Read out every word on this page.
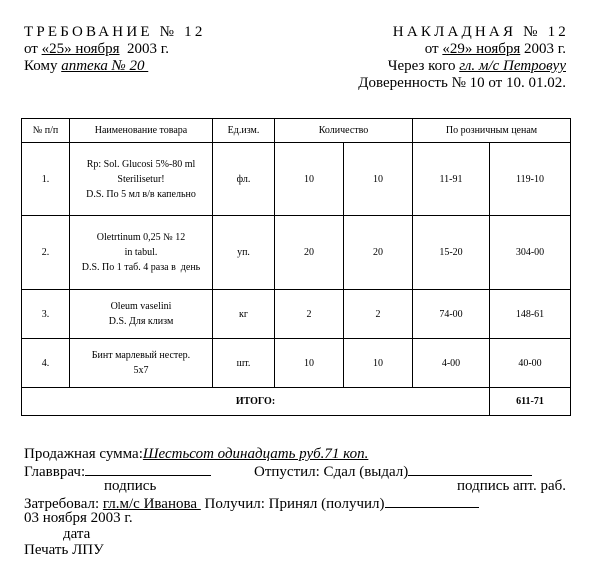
ТРЕБОВАНИЕ № 12
от «25» ноября  2003 г.
Кому аптека № 20
НАКЛАДНАЯ № 12
от «29» ноября 2003 г.
Через кого гл. м/с Петровуу
Доверенность № 10 от 10. 01.02.
№ п/п	Наименование товара	Ед.изм.	Количество		По розничным ценам	
1.	Rp: Sol. Glucosi 5%-80 ml
Sterilisetur!
D.S. По 5 мл в/в капельно	фл.	10	10	11-91	119-10
2.	Oletrtinum 0,25 № 12
in tabul.
D.S. По 1 таб. 4 раза в  день	уп.	20	20	15-20	304-00
3.	Oleum vaselini
D.S. Для клизм	кг	2	2	74-00	148-61
4.	Бинт марлевый нестер.
5х7	шт.	10	10	4-00	40-00
ИТОГО:						611-71
Продажная сумма:Шестьсот одинадцать руб.71 коп.
Главврач:	Отпустил: Сдал (выдал)
подпись	подпись апт. раб.
Затребовал: гл.м/с Иванова  Получил: Принял (получил)
03 ноября 2003 г.
дата
Печать ЛПУ
